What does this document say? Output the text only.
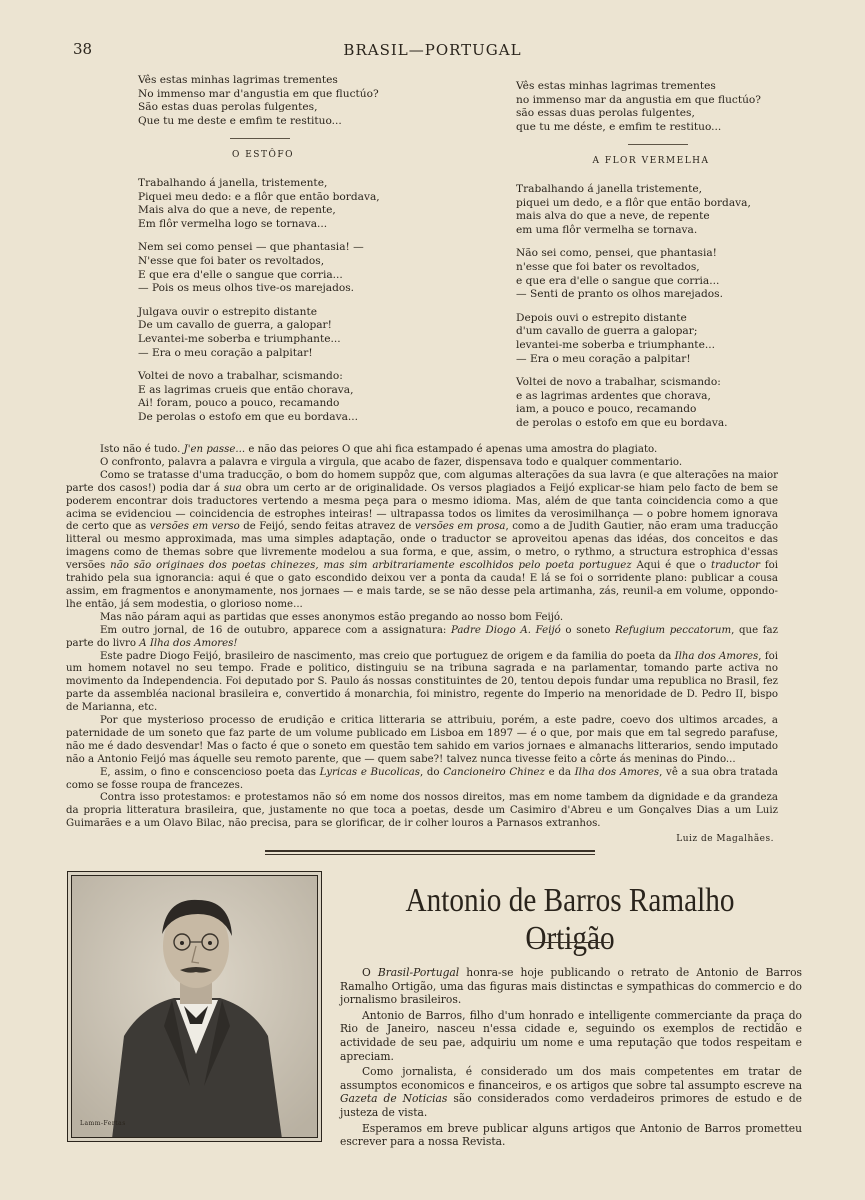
38	BRASIL—PORTUGAL
Vês estas minhas lagrimas trementes
No immenso mar d'angustia em que fluctúo?
São estas duas perolas fulgentes,
Que tu me deste e emfim te restituo...
O ESTÔFO
Trabalhando á janella, tristemente,
Piquei meu dedo: e a flôr que então bordava,
Mais alva do que a neve, de repente,
Em flôr vermelha logo se tornava...
Nem sei como pensei — que phantasia! —
N'esse que foi bater os revoltados,
E que era d'elle o sangue que corria...
— Pois os meus olhos tive-os marejados.
Julgava ouvir o estrepito distante
De um cavallo de guerra, a galopar!
Levantei-me soberba e triumphante...
— Era o meu coração a palpitar!
Voltei de novo a trabalhar, scismando:
E as lagrimas crueis que então chorava,
Ai! foram, pouco a pouco, recamando
De perolas o estofo em que eu bordava...
Vês estas minhas lagrimas trementes
no immenso mar da angustia em que fluctúo?
são essas duas perolas fulgentes,
que tu me déste, e emfim te restituo...
A FLOR VERMELHA
Trabalhando á janella tristemente,
piquei um dedo, e a flôr que então bordava,
mais alva do que a neve, de repente
em uma flôr vermelha se tornava.
Não sei como, pensei, que phantasia!
n'esse que foi bater os revoltados,
e que era d'elle o sangue que corria...
— Senti de pranto os olhos marejados.
Depois ouvi o estrepito distante
d'um cavallo de guerra a galopar;
levantei-me soberba e triumphante...
— Era o meu coração a palpitar!
Voltei de novo a trabalhar, scismando:
e as lagrimas ardentes que chorava,
iam, a pouco e pouco, recamando
de perolas o estofo em que eu bordava.

Isto não é tudo. J'en passe... e não das peiores O que ahi fica estampado é apenas uma amostra do plagiato.

O confronto, palavra a palavra e virgula a virgula, que acabo de fazer, dispensava todo e qualquer commentario.

Como se tratasse d'uma traducção, o bom do homem suppôz que, com algumas alterações da sua lavra (e que alterações na maior parte dos casos!) podia dar á sua obra um certo ar de originalidade. Os versos plagiados a Feijó explicar-se hiam pelo facto de bem se poderem encontrar dois traductores vertendo a mesma peça para o mesmo idioma. Mas, além de que tanta coincidencia como a que acima se evidenciou — coincidencia de estrophes inteiras! — ultrapassa todos os limites da verosimilhança — o pobre homem ignorava de certo que as versões em verso de Feijó, sendo feitas atravez de versões em prosa, como a de Judith Gautier, não eram uma traducção litteral ou mesmo approximada, mas uma simples adaptação, onde o traductor se aproveitou apenas das idéas, dos conceitos e das imagens como de themas sobre que livremente modelou a sua forma, e que, assim, o metro, o rythmo, a structura estrophica d'essas versões não são originaes dos poetas chinezes, mas sim arbitrariamente escolhidos pelo poeta portuguez Aqui é que o traductor foi trahido pela sua ignorancia: aqui é que o gato escondido deixou ver a ponta da cauda! E lá se foi o sorridente plano: publicar a cousa assim, em fragmentos e anonymamente, nos jornaes — e mais tarde, se se não desse pela artimanha, zás, reunil-a em volume, oppondo-lhe então, já sem modestia, o glorioso nome...

Mas não páram aqui as partidas que esses anonymos estão pregando ao nosso bom Feijó.

Em outro jornal, de 16 de outubro, apparece com a assignatura: Padre Diogo A. Feijó o soneto Refugium peccatorum, que faz parte do livro A Ilha dos Amores!

Este padre Diogo Feijó, brasileiro de nascimento, mas creio que portuguez de origem e da familia do poeta da Ilha dos Amores, foi um homem notavel no seu tempo. Frade e politico, distinguiu se na tribuna sagrada e na parlamentar, tomando parte activa no movimento da Independencia. Foi deputado por S. Paulo ás nossas constituintes de 20, tentou depois fundar uma republica no Brasil, fez parte da assembléa nacional brasileira e, convertido á monarchia, foi ministro, regente do Imperio na menoridade de D. Pedro II, bispo de Marianna, etc.

Por que mysterioso processo de erudição e critica litteraria se attribuiu, porém, a este padre, coevo dos ultimos arcades, a paternidade de um soneto que faz parte de um volume publicado em Lisboa em 1897 — é o que, por mais que em tal segredo parafuse, não me é dado desvendar! Mas o facto é que o soneto em questão tem sahido em varios jornaes e almanachs litterarios, sendo imputado não a Antonio Feijó mas áquelle seu remoto parente, que — quem sabe?! talvez nunca tivesse feito a côrte ás meninas do Pindo...

E, assim, o fino e conscencioso poeta das Lyricas e Bucolicas, do Cancioneiro Chinez e da Ilha dos Amores, vê a sua obra tratada como se fosse roupa de francezes.

Contra isso protestamos: e protestamos não só em nome dos nossos direitos, mas em nome tambem da dignidade e da grandeza da propria litteratura brasileira, que, justamente no que toca a poetas, desde um Casimiro d'Abreu e um Gonçalves Dias a um Luiz Guimarães e a um Olavo Bilac, não precisa, para se glorificar, de ir colher louros a Parnasos extranhos.

Luiz de Magalhães.
Lamm-Fertas
Antonio de Barros Ramalho Ortigão

O Brasil-Portugal honra-se hoje publicando o retrato de Antonio de Barros Ramalho Ortigão, uma das figuras mais distinctas e sympathicas do commercio e do jornalismo brasileiros.

Antonio de Barros, filho d'um honrado e intelligente commerciante da praça do Rio de Janeiro, nasceu n'essa cidade e, seguindo os exemplos de rectidão e actividade de seu pae, adquiriu um nome e uma reputação que todos respeitam e apreciam.

Como jornalista, é considerado um dos mais competentes em tratar de assumptos economicos e financeiros, e os artigos que sobre tal assumpto escreve na Gazeta de Noticias são considerados como verdadeiros primores de estudo e de justeza de vista.

Esperamos em breve publicar alguns artigos que Antonio de Barros prometteu escrever para a nossa Revista.
